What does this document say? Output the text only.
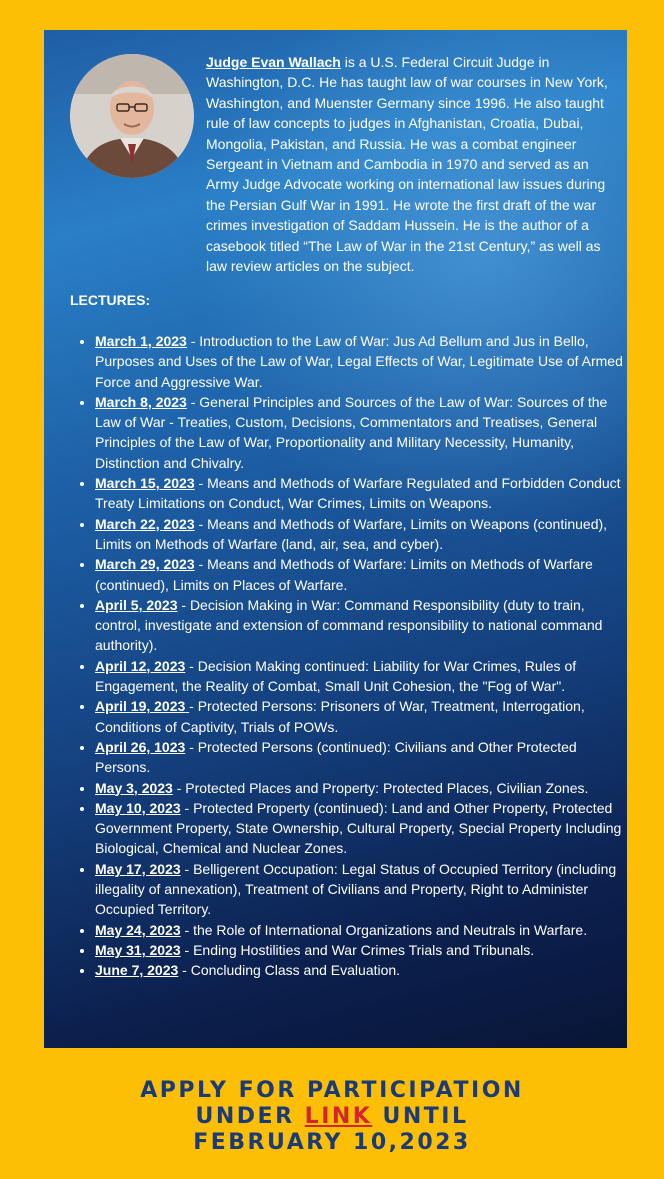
Judge Evan Wallach is a U.S. Federal Circuit Judge in Washington, D.C. He has taught law of war courses in New York, Washington, and Muenster Germany since 1996. He also taught rule of law concepts to judges in Afghanistan, Croatia, Dubai, Mongolia, Pakistan, and Russia. He was a combat engineer Sergeant in Vietnam and Cambodia in 1970 and served as an Army Judge Advocate working on international law issues during the Persian Gulf War in 1991. He wrote the first draft of the war crimes investigation of Saddam Hussein. He is the author of a casebook titled “The Law of War in the 21st Century,” as well as law review articles on the subject.

LECTURES:

• March 1, 2023 - Introduction to the Law of War: Jus Ad Bellum and Jus in Bello, Purposes and Uses of the Law of War, Legal Effects of War, Legitimate Use of Armed Force and Aggressive War.
• March 8, 2023 - General Principles and Sources of the Law of War: Sources of the Law of War - Treaties, Custom, Decisions, Commentators and Treatises, General Principles of the Law of War, Proportionality and Military Necessity, Humanity, Distinction and Chivalry.
• March 15, 2023 - Means and Methods of Warfare Regulated and Forbidden Conduct Treaty Limitations on Conduct, War Crimes, Limits on Weapons.
• March 22, 2023 - Means and Methods of Warfare, Limits on Weapons (continued), Limits on Methods of Warfare (land, air, sea, and cyber).
• March 29, 2023 - Means and Methods of Warfare: Limits on Methods of Warfare (continued), Limits on Places of Warfare.
• April 5, 2023 - Decision Making in War: Command Responsibility (duty to train, control, investigate and extension of command responsibility to national command authority).
• April 12, 2023 - Decision Making continued: Liability for War Crimes, Rules of Engagement, the Reality of Combat, Small Unit Cohesion, the "Fog of War".
• April 19, 2023 - Protected Persons: Prisoners of War, Treatment, Interrogation, Conditions of Captivity, Trials of POWs.
• April 26, 1023 - Protected Persons (continued): Civilians and Other Protected Persons.
• May 3, 2023 - Protected Places and Property: Protected Places, Civilian Zones.
• May 10, 2023 - Protected Property (continued): Land and Other Property, Protected Government Property, State Ownership, Cultural Property, Special Property Including Biological, Chemical and Nuclear Zones.
• May 17, 2023 - Belligerent Occupation: Legal Status of Occupied Territory (including illegality of annexation), Treatment of Civilians and Property, Right to Administer Occupied Territory.
• May 24, 2023 - the Role of International Organizations and Neutrals in Warfare.
• May 31, 2023 - Ending Hostilities and War Crimes Trials and Tribunals.
• June 7, 2023 - Concluding Class and Evaluation.
APPLY FOR PARTICIPATION
UNDER LINK UNTIL
FEBRUARY 10,2023
